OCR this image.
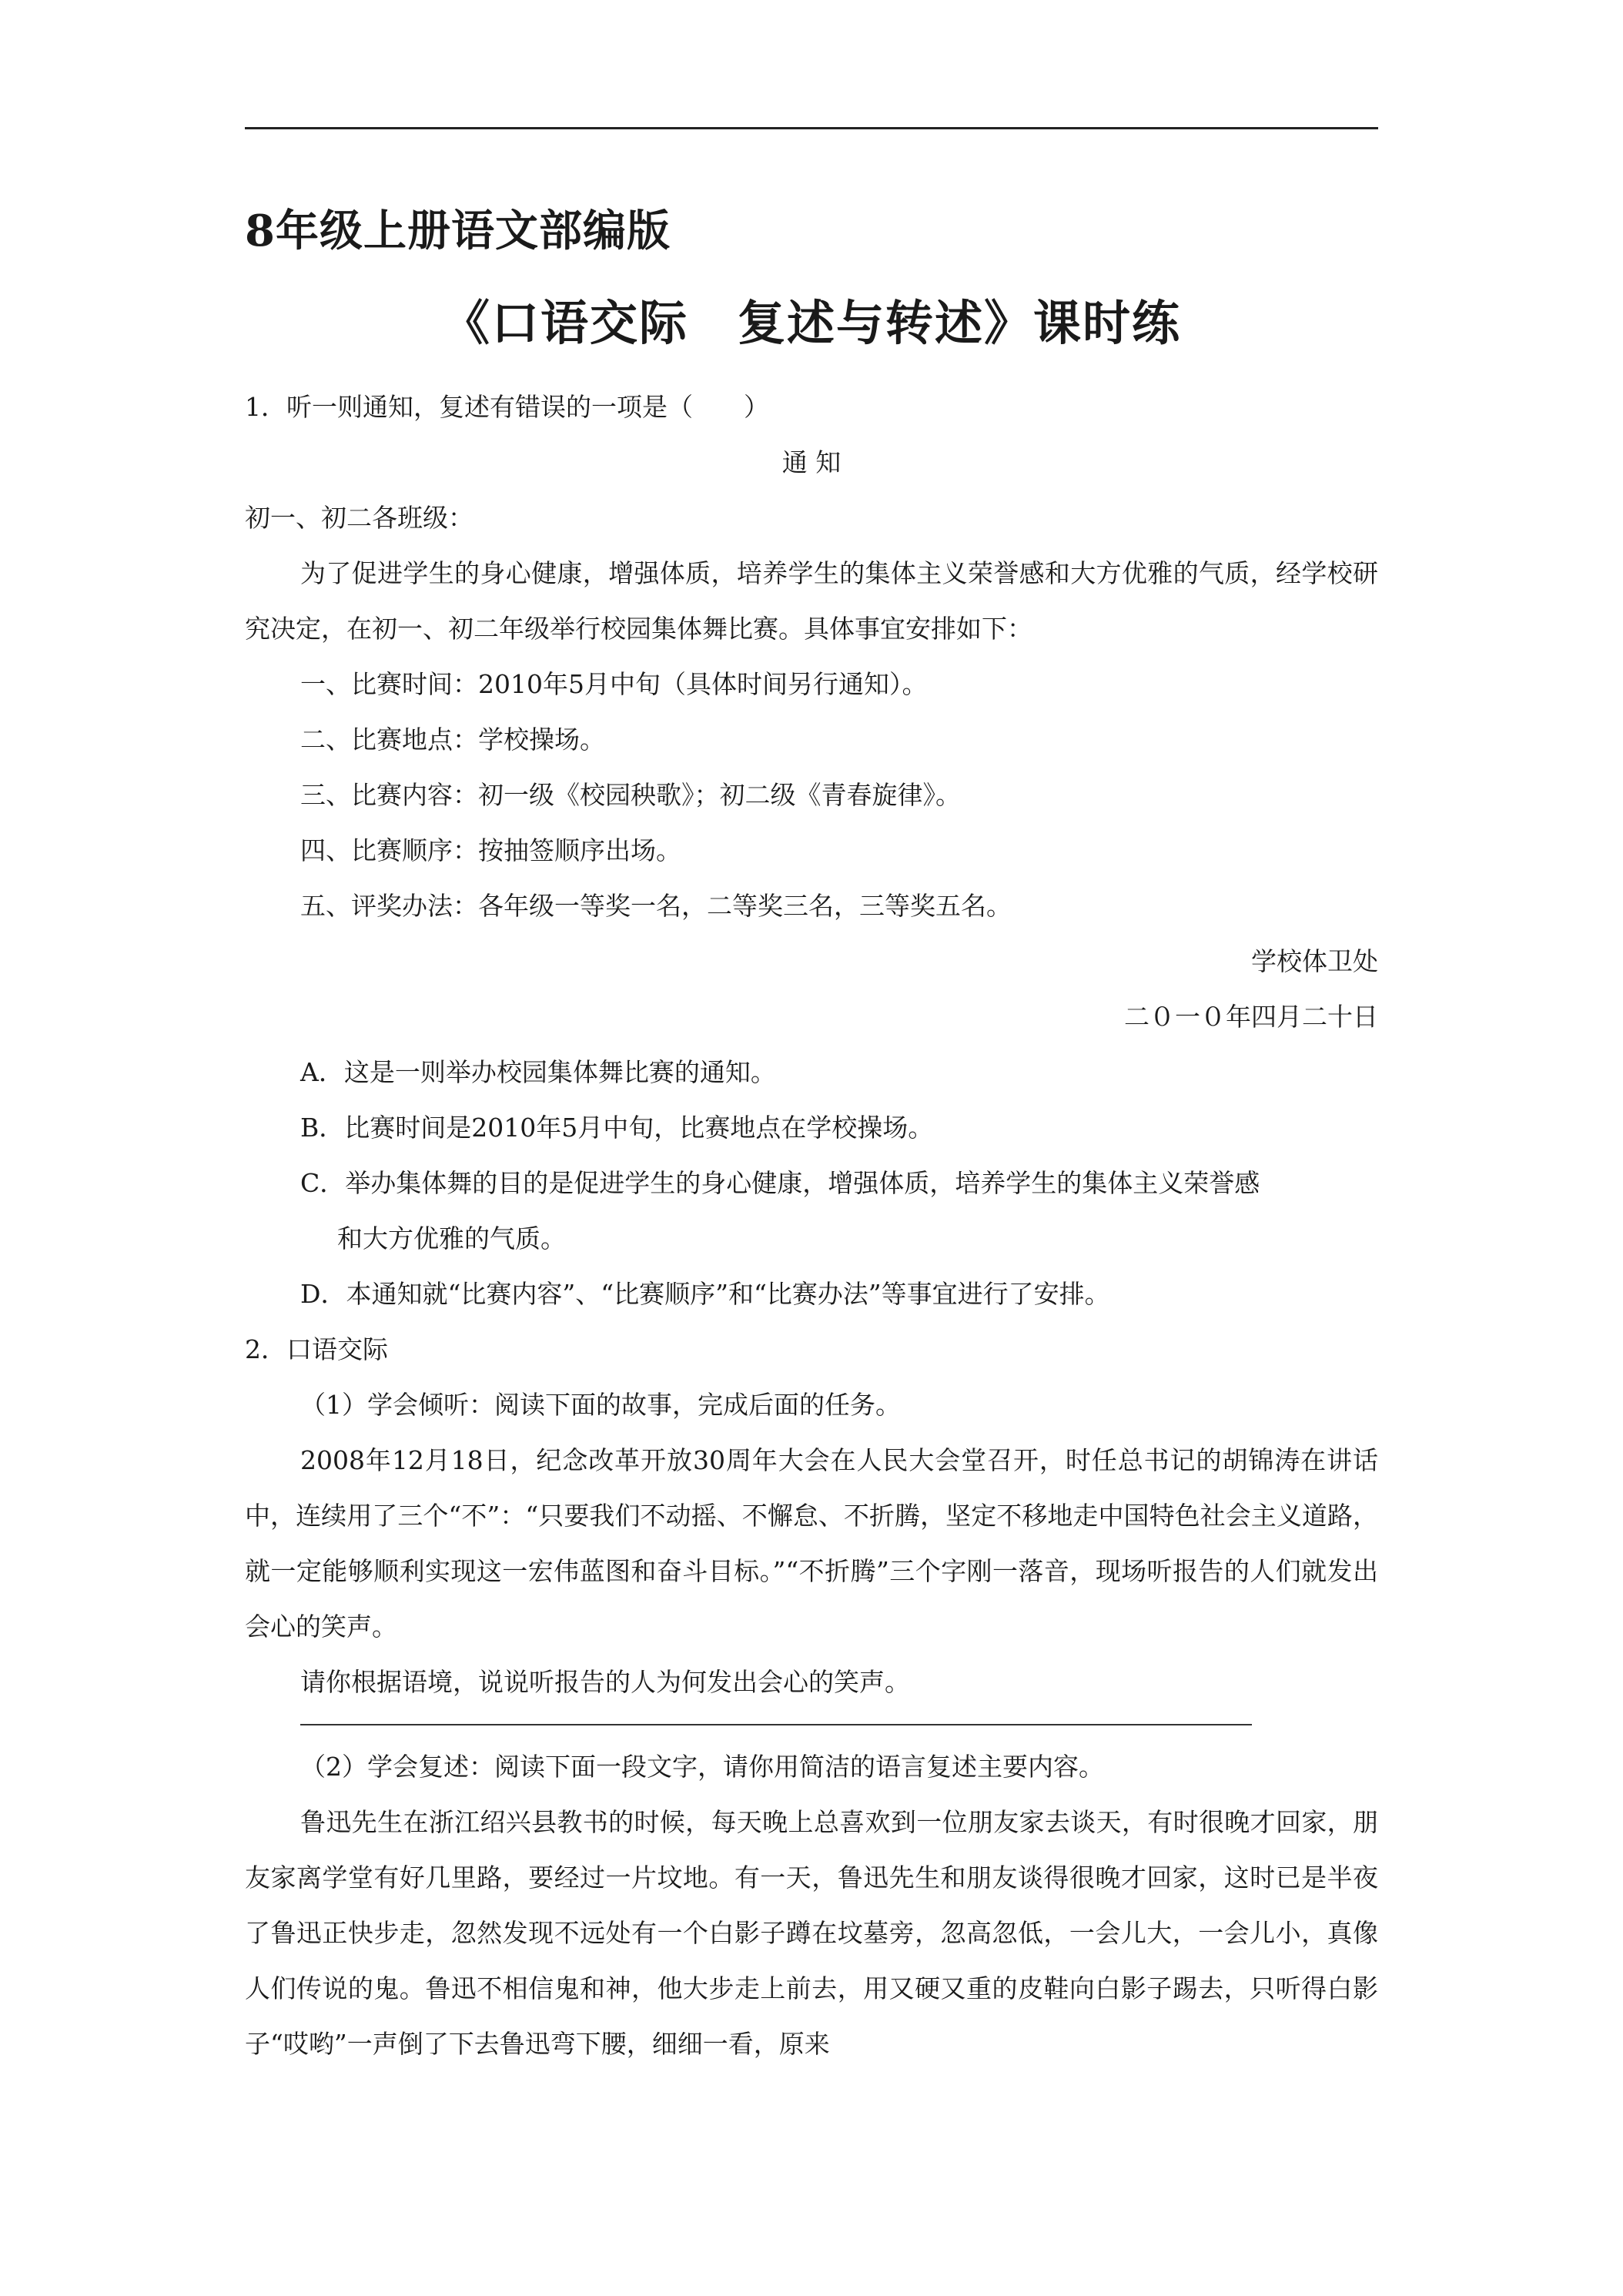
8年级上册语文部编版
《口语交际　复述与转述》课时练
1．听一则通知，复述有错误的一项是（　　）
通 知
初一、初二各班级：
为了促进学生的身心健康，增强体质，培养学生的集体主义荣誉感和大方优雅的气质，经学校研究决定，在初一、初二年级举行校园集体舞比赛。具体事宜安排如下：
一、比赛时间：2010年5月中旬（具体时间另行通知）。
二、比赛地点：学校操场。
三、比赛内容：初一级《校园秧歌》；初二级《青春旋律》。
四、比赛顺序：按抽签顺序出场。
五、评奖办法：各年级一等奖一名，二等奖三名，三等奖五名。
学校体卫处
二０一０年四月二十日
A．这是一则举办校园集体舞比赛的通知。
B．比赛时间是2010年5月中旬，比赛地点在学校操场。
C．举办集体舞的目的是促进学生的身心健康，增强体质，培养学生的集体主义荣誉感
和大方优雅的气质。
D．本通知就“比赛内容”、“比赛顺序”和“比赛办法”等事宜进行了安排。
2．口语交际
（1）学会倾听：阅读下面的故事，完成后面的任务。
2008年12月18日，纪念改革开放30周年大会在人民大会堂召开，时任总书记的胡锦涛在讲话中，连续用了三个“不”：“只要我们不动摇、不懈怠、不折腾，坚定不移地走中国特色社会主义道路，就一定能够顺利实现这一宏伟蓝图和奋斗目标。”“不折腾”三个字刚一落音，现场听报告的人们就发出会心的笑声。
请你根据语境，说说听报告的人为何发出会心的笑声。
（2）学会复述：阅读下面一段文字，请你用简洁的语言复述主要内容。
鲁迅先生在浙江绍兴县教书的时候，每天晚上总喜欢到一位朋友家去谈天，有时很晚才回家，朋友家离学堂有好几里路，要经过一片坟地。有一天，鲁迅先生和朋友谈得很晚才回家，这时已是半夜了鲁迅正快步走，忽然发现不远处有一个白影子蹲在坟墓旁，忽高忽低，一会儿大，一会儿小，真像人们传说的鬼。鲁迅不相信鬼和神，他大步走上前去，用又硬又重的皮鞋向白影子踢去，只听得白影子“哎哟”一声倒了下去鲁迅弯下腰，细细一看，原来
